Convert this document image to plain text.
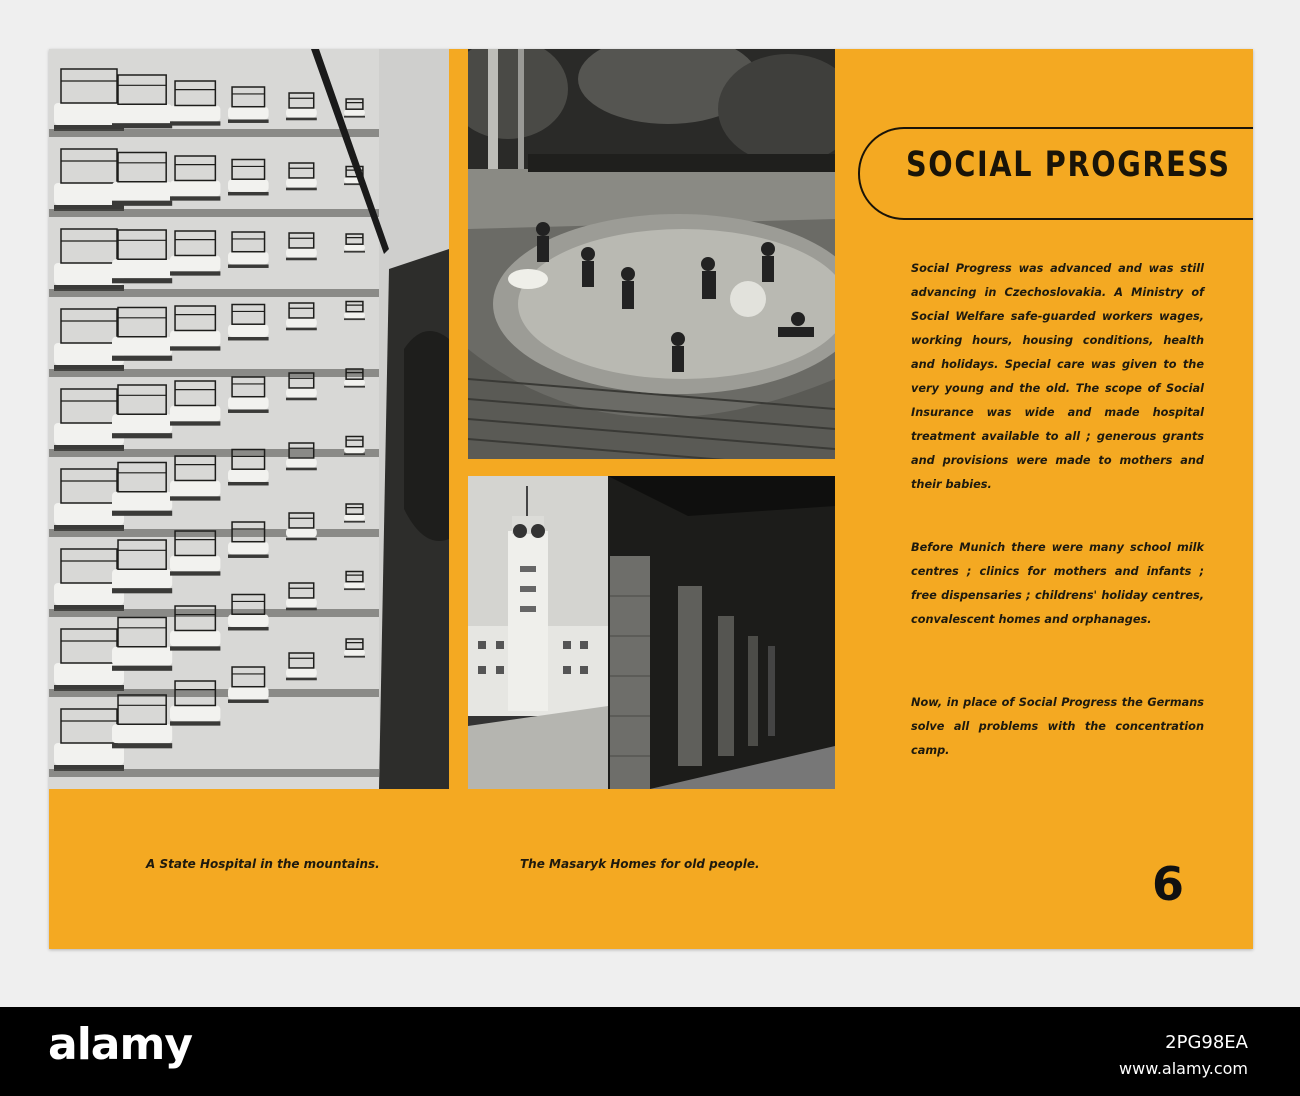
SOCIAL PROGRESS

Social Progress was advanced and was still advancing in Czechoslovakia. A Ministry of Social Welfare safe-guarded workers wages, working hours, housing conditions, health and holidays. Special care was given to the very young and the old. The scope of Social Insurance was wide and made hospital treatment available to all ; generous grants and provisions were made to mothers and their babies.

Before Munich there were many school milk centres ; clinics for mothers and infants ; free dispensaries ; childrens' holiday centres, convalescent homes and orphanages.

Now, in place of Social Progress the Germans solve all problems with the concentration camp.

A State Hospital in the mountains.	The Masaryk Homes for old people.	6
alamy	2PG98EA
www.alamy.com
